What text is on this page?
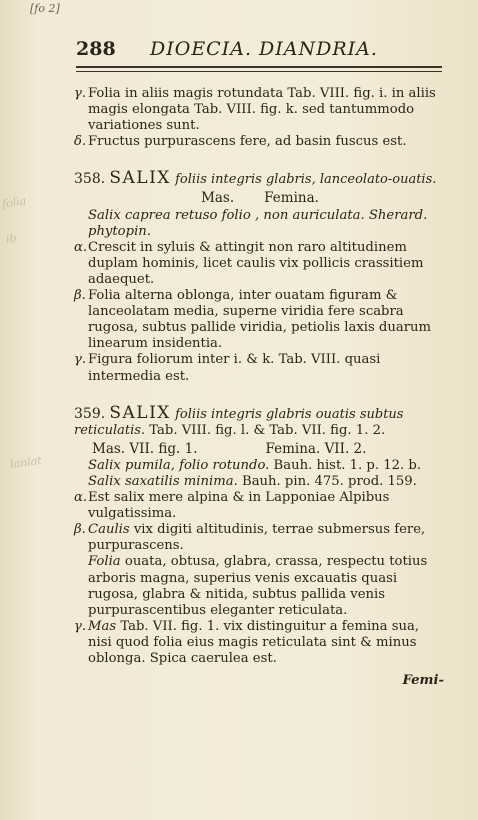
[fo 2]
folia
ib
lanlat
288 DIOECIA. DIANDRIA.
γ. Folia in aliis magis rotundata Tab. VIII. fig. i. in aliis magis elongata Tab. VIII. fig. k. sed tantummodo variationes sunt.
δ. Fructus purpurascens fere, ad basin fuscus est.
358. SALIX foliis integris glabris, lanceolato-ouatis.
Mas. Femina.
Salix caprea retuso folio , non auriculata. Sherard. phytopin.
α. Crescit in syluis & attingit non raro altitudinem duplam hominis, licet caulis vix pollicis crassitiem adaequet.
β. Folia alterna oblonga, inter ouatam figuram & lanceolatam media, superne viridia fere scabra rugosa, subtus pallide viridia, petiolis laxis duarum linearum insidentia.
γ. Figura foliorum inter i. & k. Tab. VIII. quasi intermedia est.
359. SALIX foliis integris glabris ouatis subtus reticulatis. Tab. VIII. fig. l. & Tab. VII. fig. 1. 2.
Mas. VII. fig. 1.	Femina. VII. 2.
Salix pumila, folio rotundo. Bauh. hist. 1. p. 12. b.
Salix saxatilis minima. Bauh. pin. 475. prod. 159.
α. Est salix mere alpina & in Lapponiae Alpibus vulgatissima.
β. Caulis vix digiti altitudinis, terrae submersus fere, purpurascens.
Folia ouata, obtusa, glabra, crassa, respectu totius arboris magna, superius venis excauatis quasi rugosa, glabra & nitida, subtus pallida venis purpurascentibus eleganter reticulata.
γ. Mas Tab. VII. fig. 1. vix distinguitur a femina sua, nisi quod folia eius magis reticulata sint & minus oblonga. Spica caerulea est.
Femi-
